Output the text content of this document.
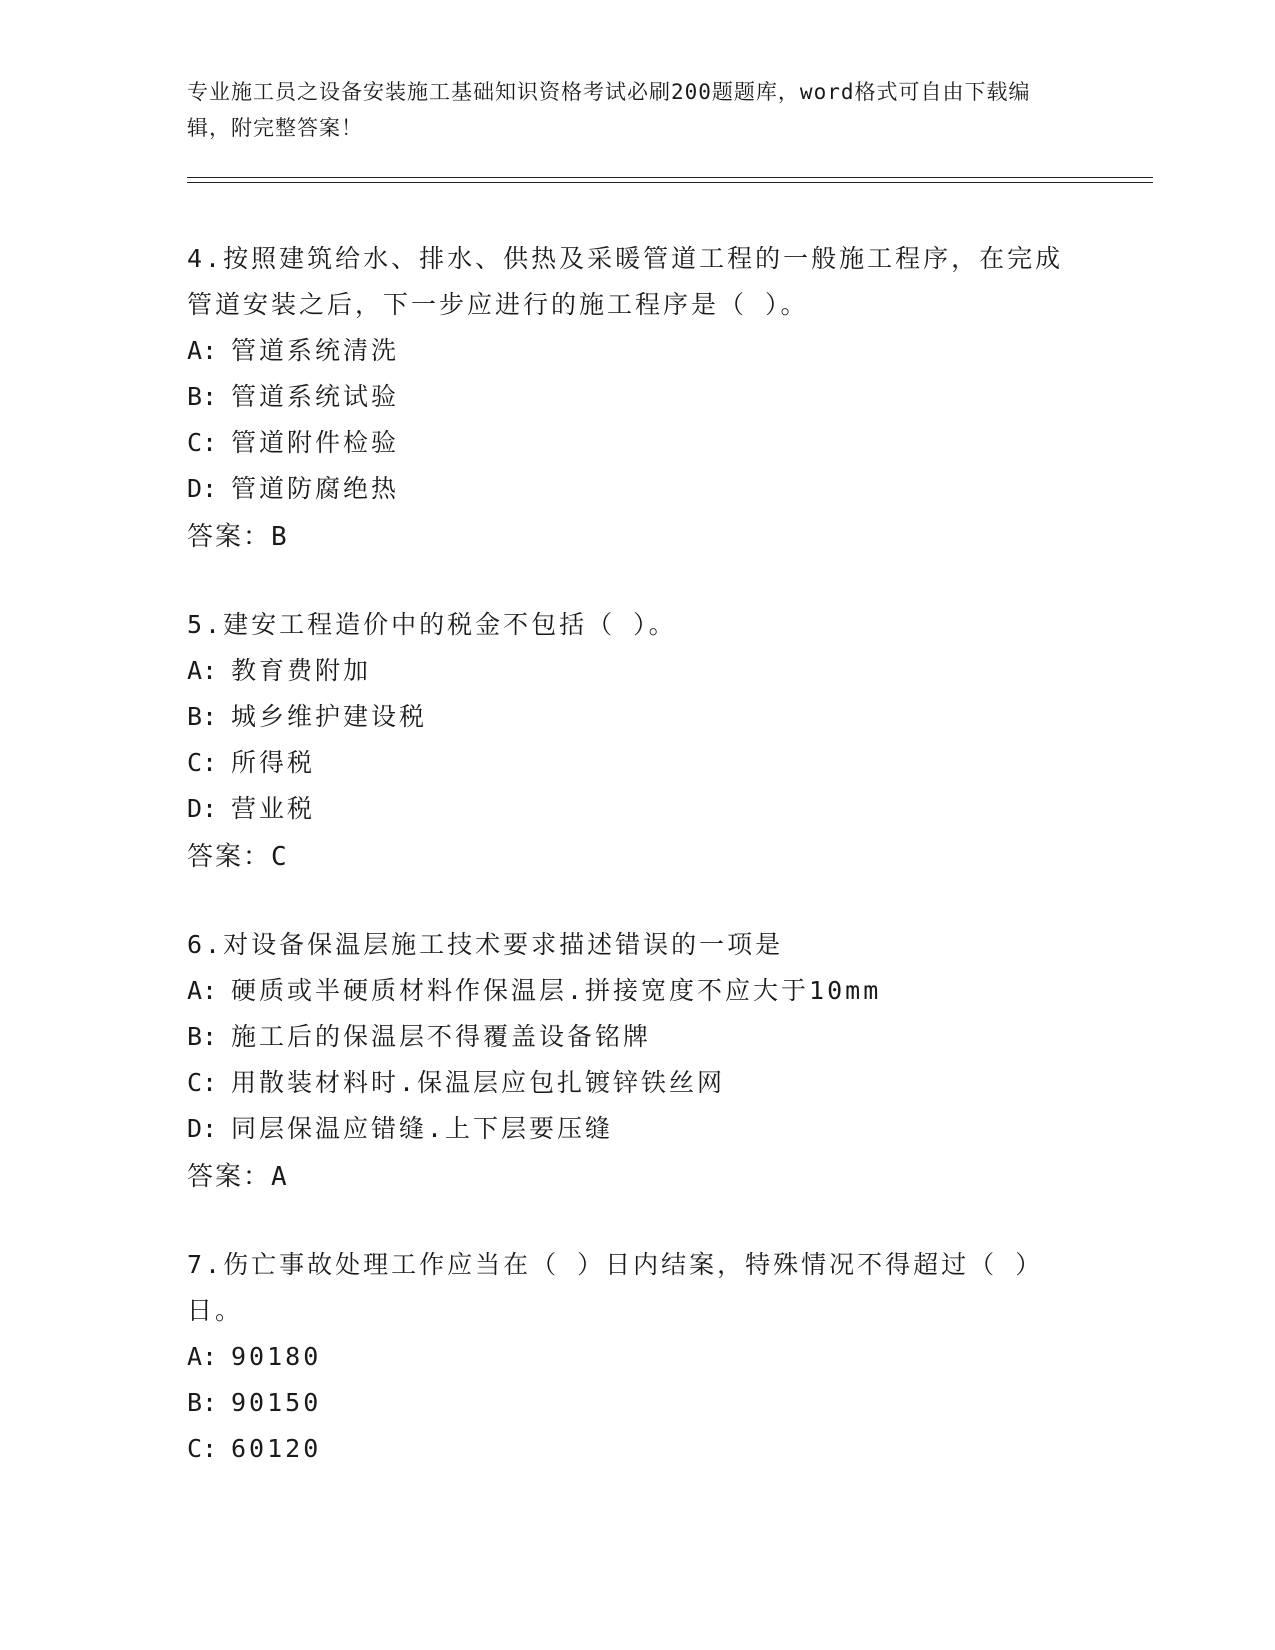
专业施工员之设备安装施工基础知识资格考试必刷200题题库，word格式可自由下载编辑，附完整答案！
4.按照建筑给水、排水、供热及采暖管道工程的一般施工程序，在完成管道安装之后，下一步应进行的施工程序是（ ）。
A: 管道系统清洗
B: 管道系统试验
C: 管道附件检验
D: 管道防腐绝热
答案：B
5.建安工程造价中的税金不包括（ ）。
A: 教育费附加
B: 城乡维护建设税
C: 所得税
D: 营业税
答案：C
6.对设备保温层施工技术要求描述错误的一项是
A: 硬质或半硬质材料作保温层.拼接宽度不应大于10mm
B: 施工后的保温层不得覆盖设备铭牌
C: 用散装材料时.保温层应包扎镀锌铁丝网
D: 同层保温应错缝.上下层要压缝
答案：A
7.伤亡事故处理工作应当在（ ）日内结案，特殊情况不得超过（ ）日。
A: 90180
B: 90150
C: 60120
